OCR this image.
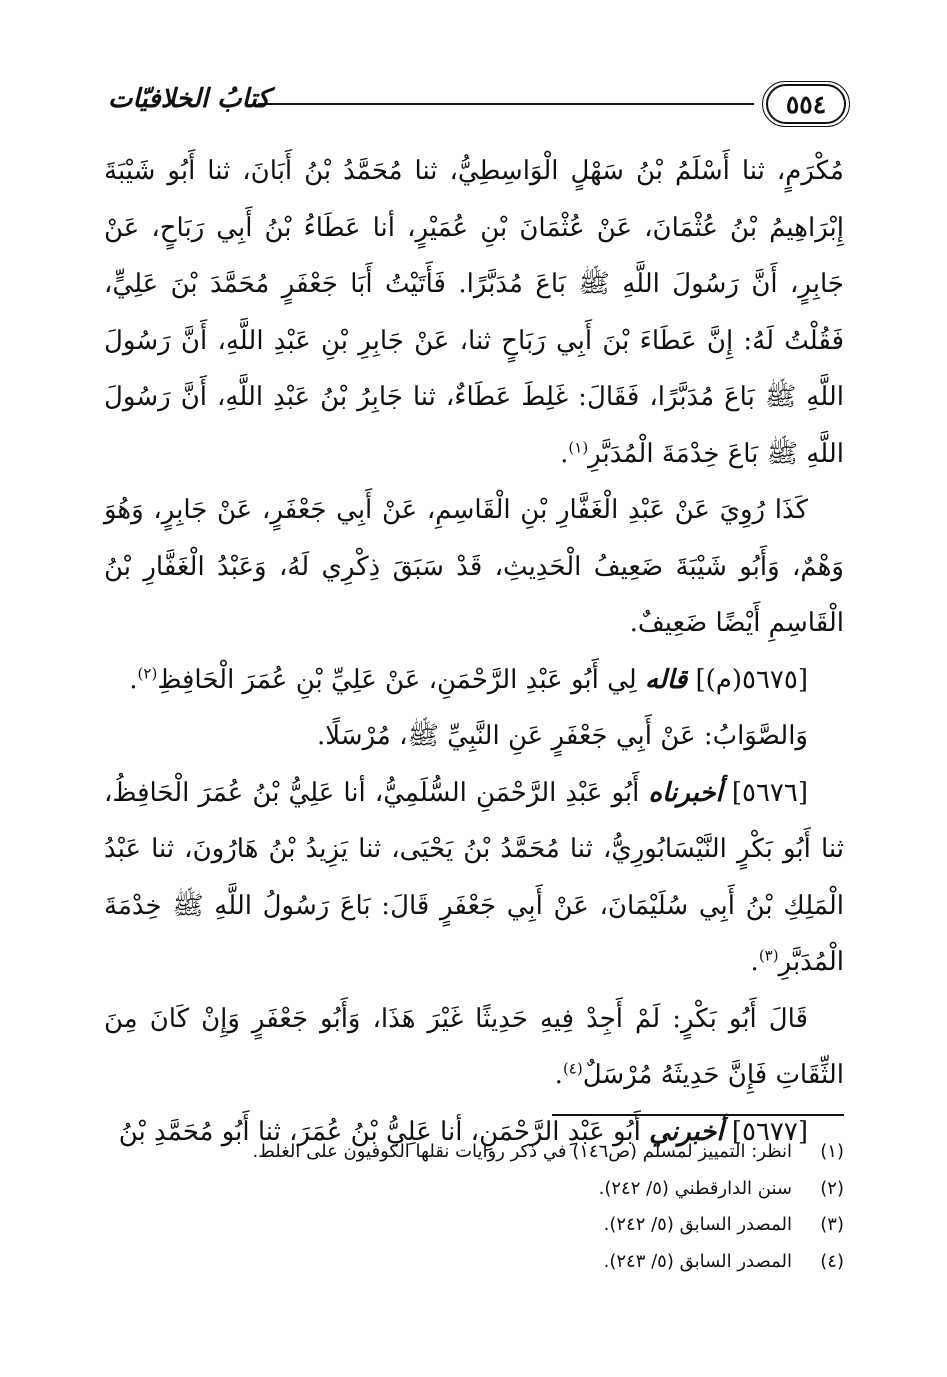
٥٥٤
كتابُ الخلافيّات

مُكْرَمٍ، ثنا أَسْلَمُ بْنُ سَهْلٍ الْوَاسِطِيُّ، ثنا مُحَمَّدُ بْنُ أَبَانَ، ثنا أَبُو شَيْبَةَ إِبْرَاهِيمُ بْنُ عُثْمَانَ، عَنْ عُثْمَانَ بْنِ عُمَيْرٍ، أنا عَطَاءُ بْنُ أَبِي رَبَاحٍ، عَنْ جَابِرٍ، أَنَّ رَسُولَ اللَّهِ ﷺ بَاعَ مُدَبَّرًا. فَأَتَيْتُ أَبَا جَعْفَرٍ مُحَمَّدَ بْنَ عَلِيٍّ، فَقُلْتُ لَهُ: إِنَّ عَطَاءَ بْنَ أَبِي رَبَاحٍ ثنا، عَنْ جَابِرِ بْنِ عَبْدِ اللَّهِ، أَنَّ رَسُولَ اللَّهِ ﷺ بَاعَ مُدَبَّرًا، فَقَالَ: غَلِطَ عَطَاءٌ، ثنا جَابِرُ بْنُ عَبْدِ اللَّهِ، أَنَّ رَسُولَ اللَّهِ ﷺ بَاعَ خِدْمَةَ الْمُدَبَّرِ$^{(١)}$.

كَذَا رُوِيَ عَنْ عَبْدِ الْغَفَّارِ بْنِ الْقَاسِمِ، عَنْ أَبِي جَعْفَرٍ، عَنْ جَابِرٍ، وَهُوَ وَهْمٌ، وَأَبُو شَيْبَةَ ضَعِيفُ الْحَدِيثِ، قَدْ سَبَقَ ذِكْرِي لَهُ، وَعَبْدُ الْغَفَّارِ بْنُ الْقَاسِمِ أَيْضًا ضَعِيفٌ.

[٥٦٧٥(م)] قاله لِي أَبُو عَبْدِ الرَّحْمَنِ، عَنْ عَلِيِّ بْنِ عُمَرَ الْحَافِظِ$^{(٢)}$.

وَالصَّوَابُ: عَنْ أَبِي جَعْفَرٍ عَنِ النَّبِيِّ ﷺ، مُرْسَلًا.

[٥٦٧٦] أخبرناه أَبُو عَبْدِ الرَّحْمَنِ السُّلَمِيُّ، أنا عَلِيُّ بْنُ عُمَرَ الْحَافِظُ، ثنا أَبُو بَكْرٍ النَّيْسَابُورِيُّ، ثنا مُحَمَّدُ بْنُ يَحْيَى، ثنا يَزِيدُ بْنُ هَارُونَ، ثنا عَبْدُ الْمَلِكِ بْنُ أَبِي سُلَيْمَانَ، عَنْ أَبِي جَعْفَرٍ قَالَ: بَاعَ رَسُولُ اللَّهِ ﷺ خِدْمَةَ الْمُدَبَّرِ$^{(٣)}$.

قَالَ أَبُو بَكْرٍ: لَمْ أَجِدْ فِيهِ حَدِيثًا غَيْرَ هَذَا، وَأَبُو جَعْفَرٍ وَإِنْ كَانَ مِنَ الثِّقَاتِ فَإِنَّ حَدِيثَهُ مُرْسَلٌ$^{(٤)}$.

[٥٦٧٧] أخبرني أَبُو عَبْدِ الرَّحْمَنِ، أنا عَلِيُّ بْنُ عُمَرَ، ثنا أَبُو مُحَمَّدِ بْنُ

(١)
انظر: التمييز لمسلم (ص١٤٦) في ذكر روايات نقلها الكوفيون على الغلط.

(٢)
سنن الدارقطني (٥/ ٢٤٢).

(٣)
المصدر السابق (٥/ ٢٤٢).

(٤)
المصدر السابق (٥/ ٢٤٣).
